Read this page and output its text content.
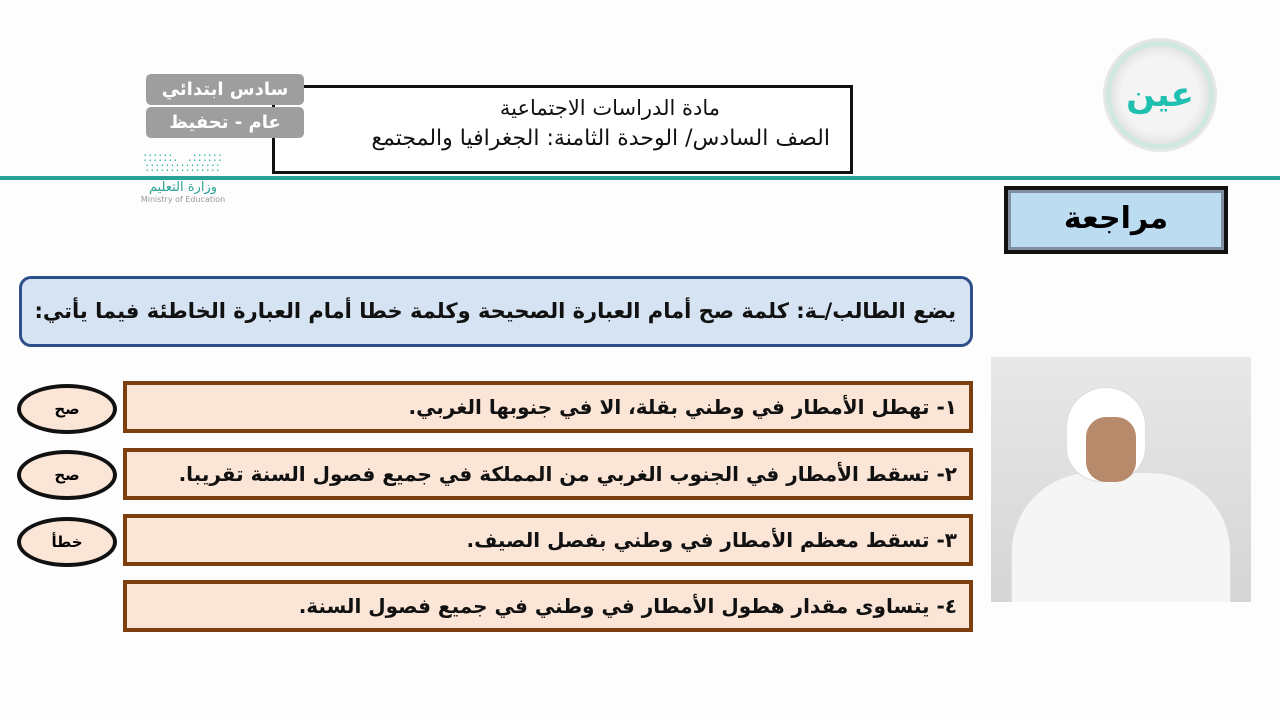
مادة الدراسات الاجتماعية
الصف السادس/ الوحدة الثامنة: الجغرافيا والمجتمع
سادس ابتدائي
عام - تحفيظ
::::::.  .::::::
:::::::::::::::
وزارة التعليم
Ministry of Education
عين
مراجعة
يضع الطالب/ـة: كلمة صح أمام العبارة الصحيحة وكلمة خطا أمام العبارة الخاطئة فيما يأتي:
١- تهطل الأمطار في وطني بقلة، الا في جنوبها الغربي.
٢- تسقط الأمطار في الجنوب الغربي من المملكة في جميع فصول السنة تقريبا.
٣- تسقط معظم الأمطار في وطني بفصل الصيف.
٤- يتساوى مقدار هطول الأمطار في وطني في جميع فصول السنة.
صح
صح
خطأ
